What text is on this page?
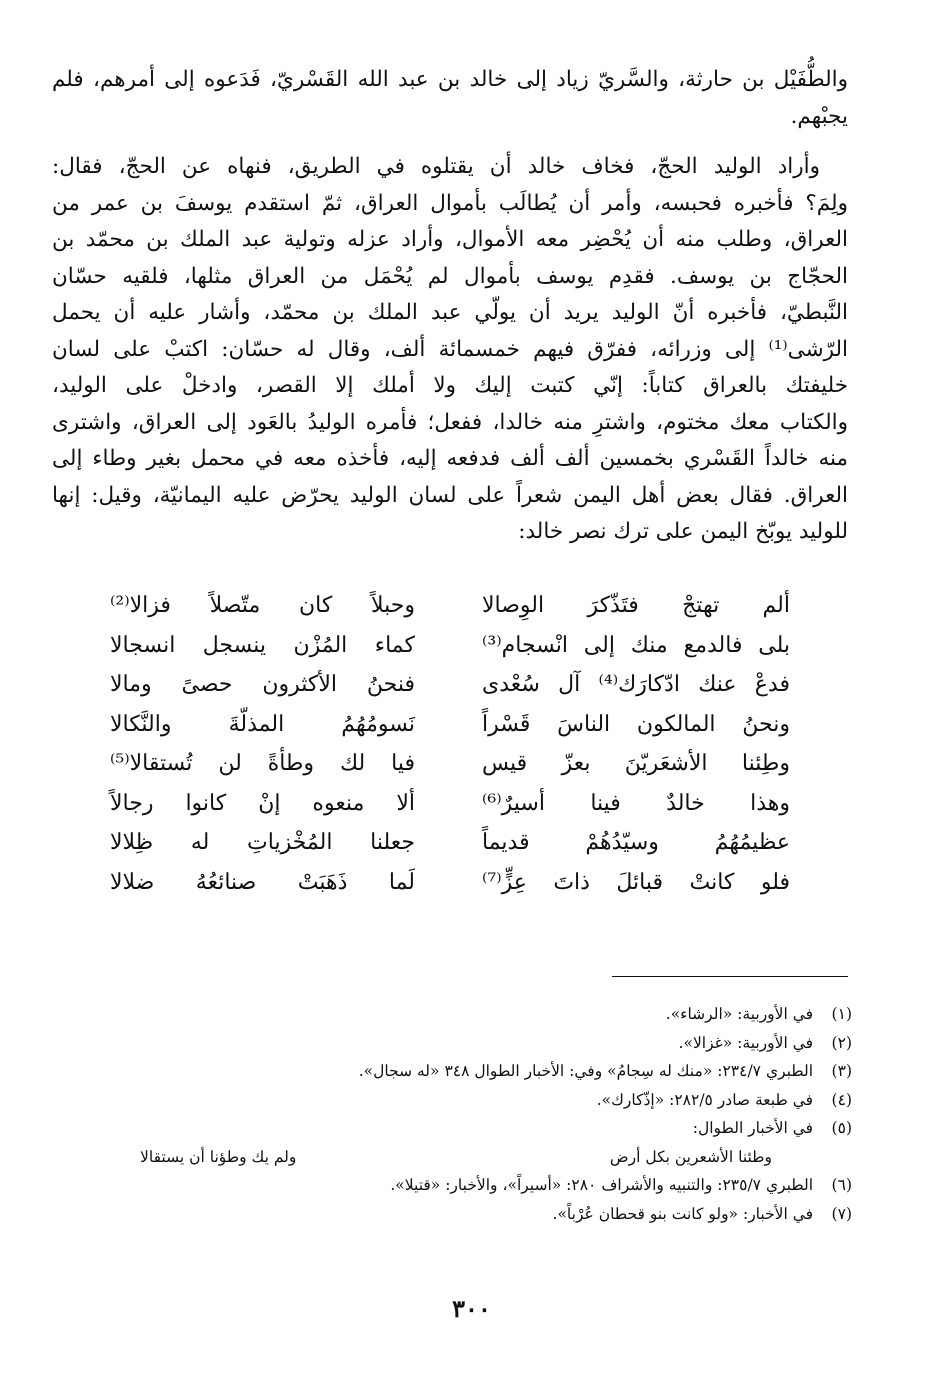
والطُّفَيْل بن حارثة، والسَّريّ زياد إلى خالد بن عبد الله القَسْريّ، فَدَعوه إلى أمرهم، فلم
يجبْهم.

وأراد الوليد الحجّ، فخاف خالد أن يقتلوه في الطريق، فنهاه عن الحجّ، فقال:
ولِمَ؟ فأخبره فحبسه، وأمر أن يُطالَب بأموال العراق، ثمّ استقدم يوسفَ بن عمر من
العراق، وطلب منه أن يُحْضِر معه الأموال، وأراد عزله وتولية عبد الملك بن محمّد بن
الحجّاج بن يوسف. فقدِم يوسف بأموال لم يُحْمَل من العراق مثلها، فلقيه حسّان
النَّبطيّ، فأخبره أنّ الوليد يريد أن يولّي عبد الملك بن محمّد، وأشار عليه أن يحمل
الرّشى⁽¹⁾ إلى وزرائه، ففرّق فيهم خمسمائة ألف، وقال له حسّان: اكتبْ على لسان
خليفتك بالعراق كتاباً: إنّي كتبت إليك ولا أملك إلا القصر، وادخلْ على الوليد،
والكتاب معك مختوم، واشترِ منه خالدا، ففعل؛ فأمره الوليدُ بالعَود إلى العراق، واشترى
منه خالداً القَسْري بخمسين ألف ألف فدفعه إليه، فأخذه معه في محمل بغير وطاء إلى
العراق. فقال بعض أهل اليمن شعراً على لسان الوليد يحرّض عليه اليمانيّة، وقيل: إنها
للوليد يوبّخ اليمن على ترك نصر خالد:

ألم تهتجْ فتَذّكرَ الوِصالا
وحبلاً كان متّصلاً فزالا⁽²⁾
بلى فالدمع منك إلى انْسجام⁽³⁾
كماء المُزْن ينسجل انسجالا
فدعْ عنك ادّكارَك⁽⁴⁾ آل سُعْدى
فنحنُ الأكثرون حصىً ومالا
ونحنُ المالكون الناسَ قَسْراً
نَسومُهُمُ المذلّةَ والنَّكالا
وطِئنا الأشعَريّنَ بعزّ قيس
فيا لك وطأةً لن تُستقالا⁽⁵⁾
وهذا خالدٌ فينا أسيرٌ⁽⁶⁾
ألا منعوه إنْ كانوا رجالاً
عظيمُهُمُ وسيّدُهُمْ قديماً
جعلنا المُخْزياتِ له ظِلالا
فلو كانتْ قبائلَ ذاتَ عِزٍّ⁽⁷⁾
لَما ذَهَبَتْ صنائعُهُ ضلالا
(١) في الأوربية: «الرشاء».
(٢) في الأوربية: «غزالا».
(٣) الطبري ٢٣٤/٧: «منك له سِجامُ» وفي: الأخبار الطوال ٣٤٨ «له سجال».
(٤) في طبعة صادر ٢٨٢/٥: «إذّكارك».
(٥) في الأخبار الطوال:
وطئنا الأشعرين بكل أرض
ولم يك وطؤنا أن يستقالا
(٦) الطبري ٢٣٥/٧: والتنبيه والأشراف ٢٨٠: «أسيراً»، والأخبار: «قتيلا».
(٧) في الأخبار: «ولو كانت بنو قحطان عُرْباً».
٣٠٠
